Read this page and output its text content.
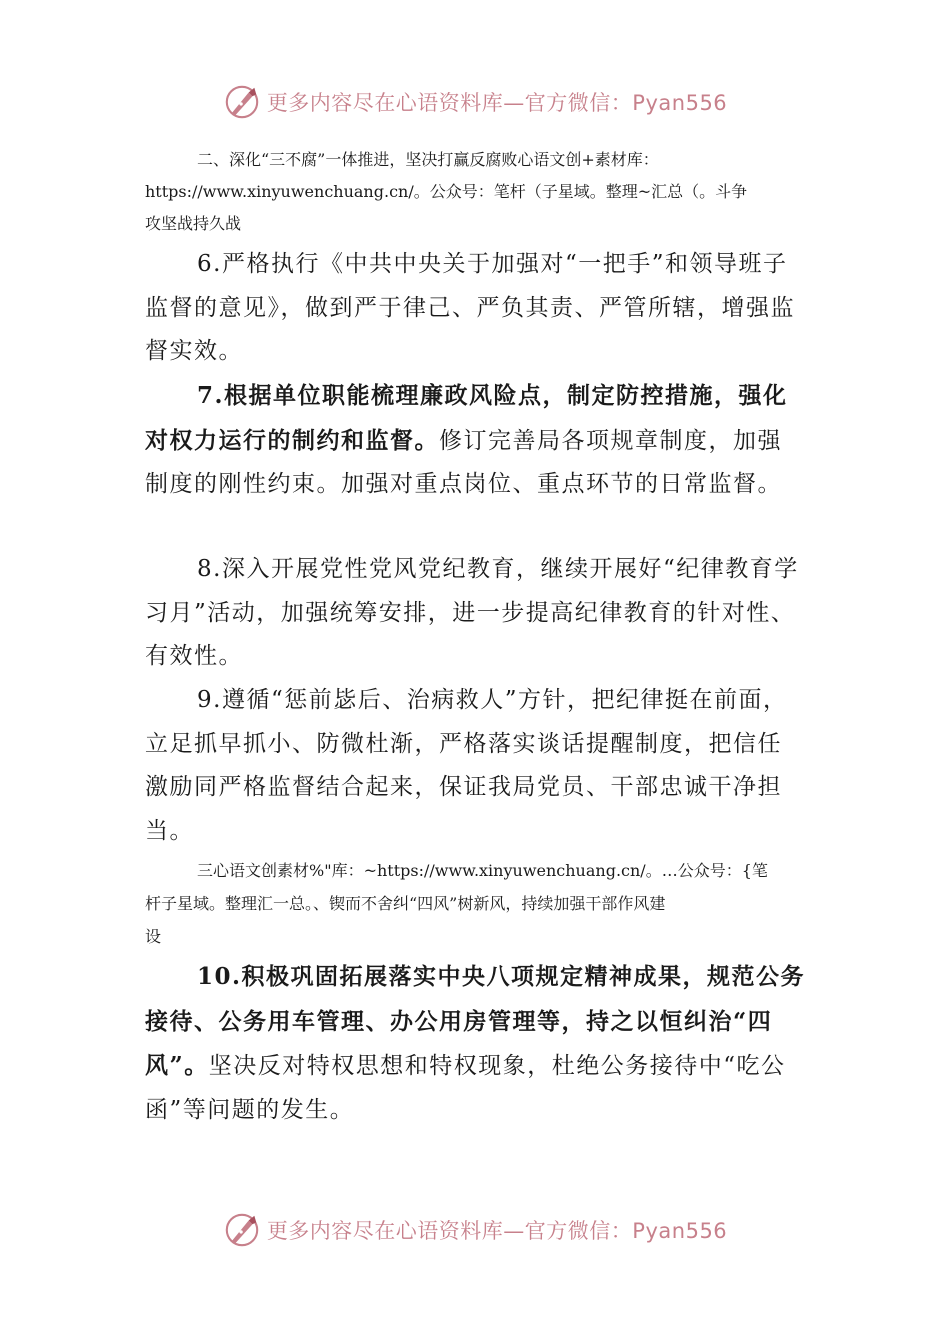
更多内容尽在心语资料库—官方微信：Pyan556

二、深化“三不腐”一体推进，坚决打赢反腐败心语文创+素材库：

https://www.xinyuwenchuang.cn/。公众号：笔杆（子星域。整理~汇总（。斗争

攻坚战持久战

6.严格执行《中共中央关于加强对“一把手”和领导班子监督的意见》，做到严于律己、严负其责、严管所辖，增强监督实效。

7.根据单位职能梳理廉政风险点，制定防控措施，强化对权力运行的制约和监督。修订完善局各项规章制度，加强制度的刚性约束。加强对重点岗位、重点环节的日常监督。

8.深入开展党性党风党纪教育，继续开展好“纪律教育学习月”活动，加强统筹安排，进一步提高纪律教育的针对性、有效性。

9.遵循“惩前毖后、治病救人”方针，把纪律挺在前面，立足抓早抓小、防微杜渐，严格落实谈话提醒制度，把信任激励同严格监督结合起来，保证我局党员、干部忠诚干净担当。

三心语文创素材%"库：~https://www.xinyuwenchuang.cn/。…公众号：{笔

杆子星域。整理汇一总。、锲而不舍纠“四风”树新风，持续加强干部作风建

设

10.积极巩固拓展落实中央八项规定精神成果，规范公务接待、公务用车管理、办公用房管理等，持之以恒纠治“四风”。坚决反对特权思想和特权现象，杜绝公务接待中“吃公函”等问题的发生。

更多内容尽在心语资料库—官方微信：Pyan556
